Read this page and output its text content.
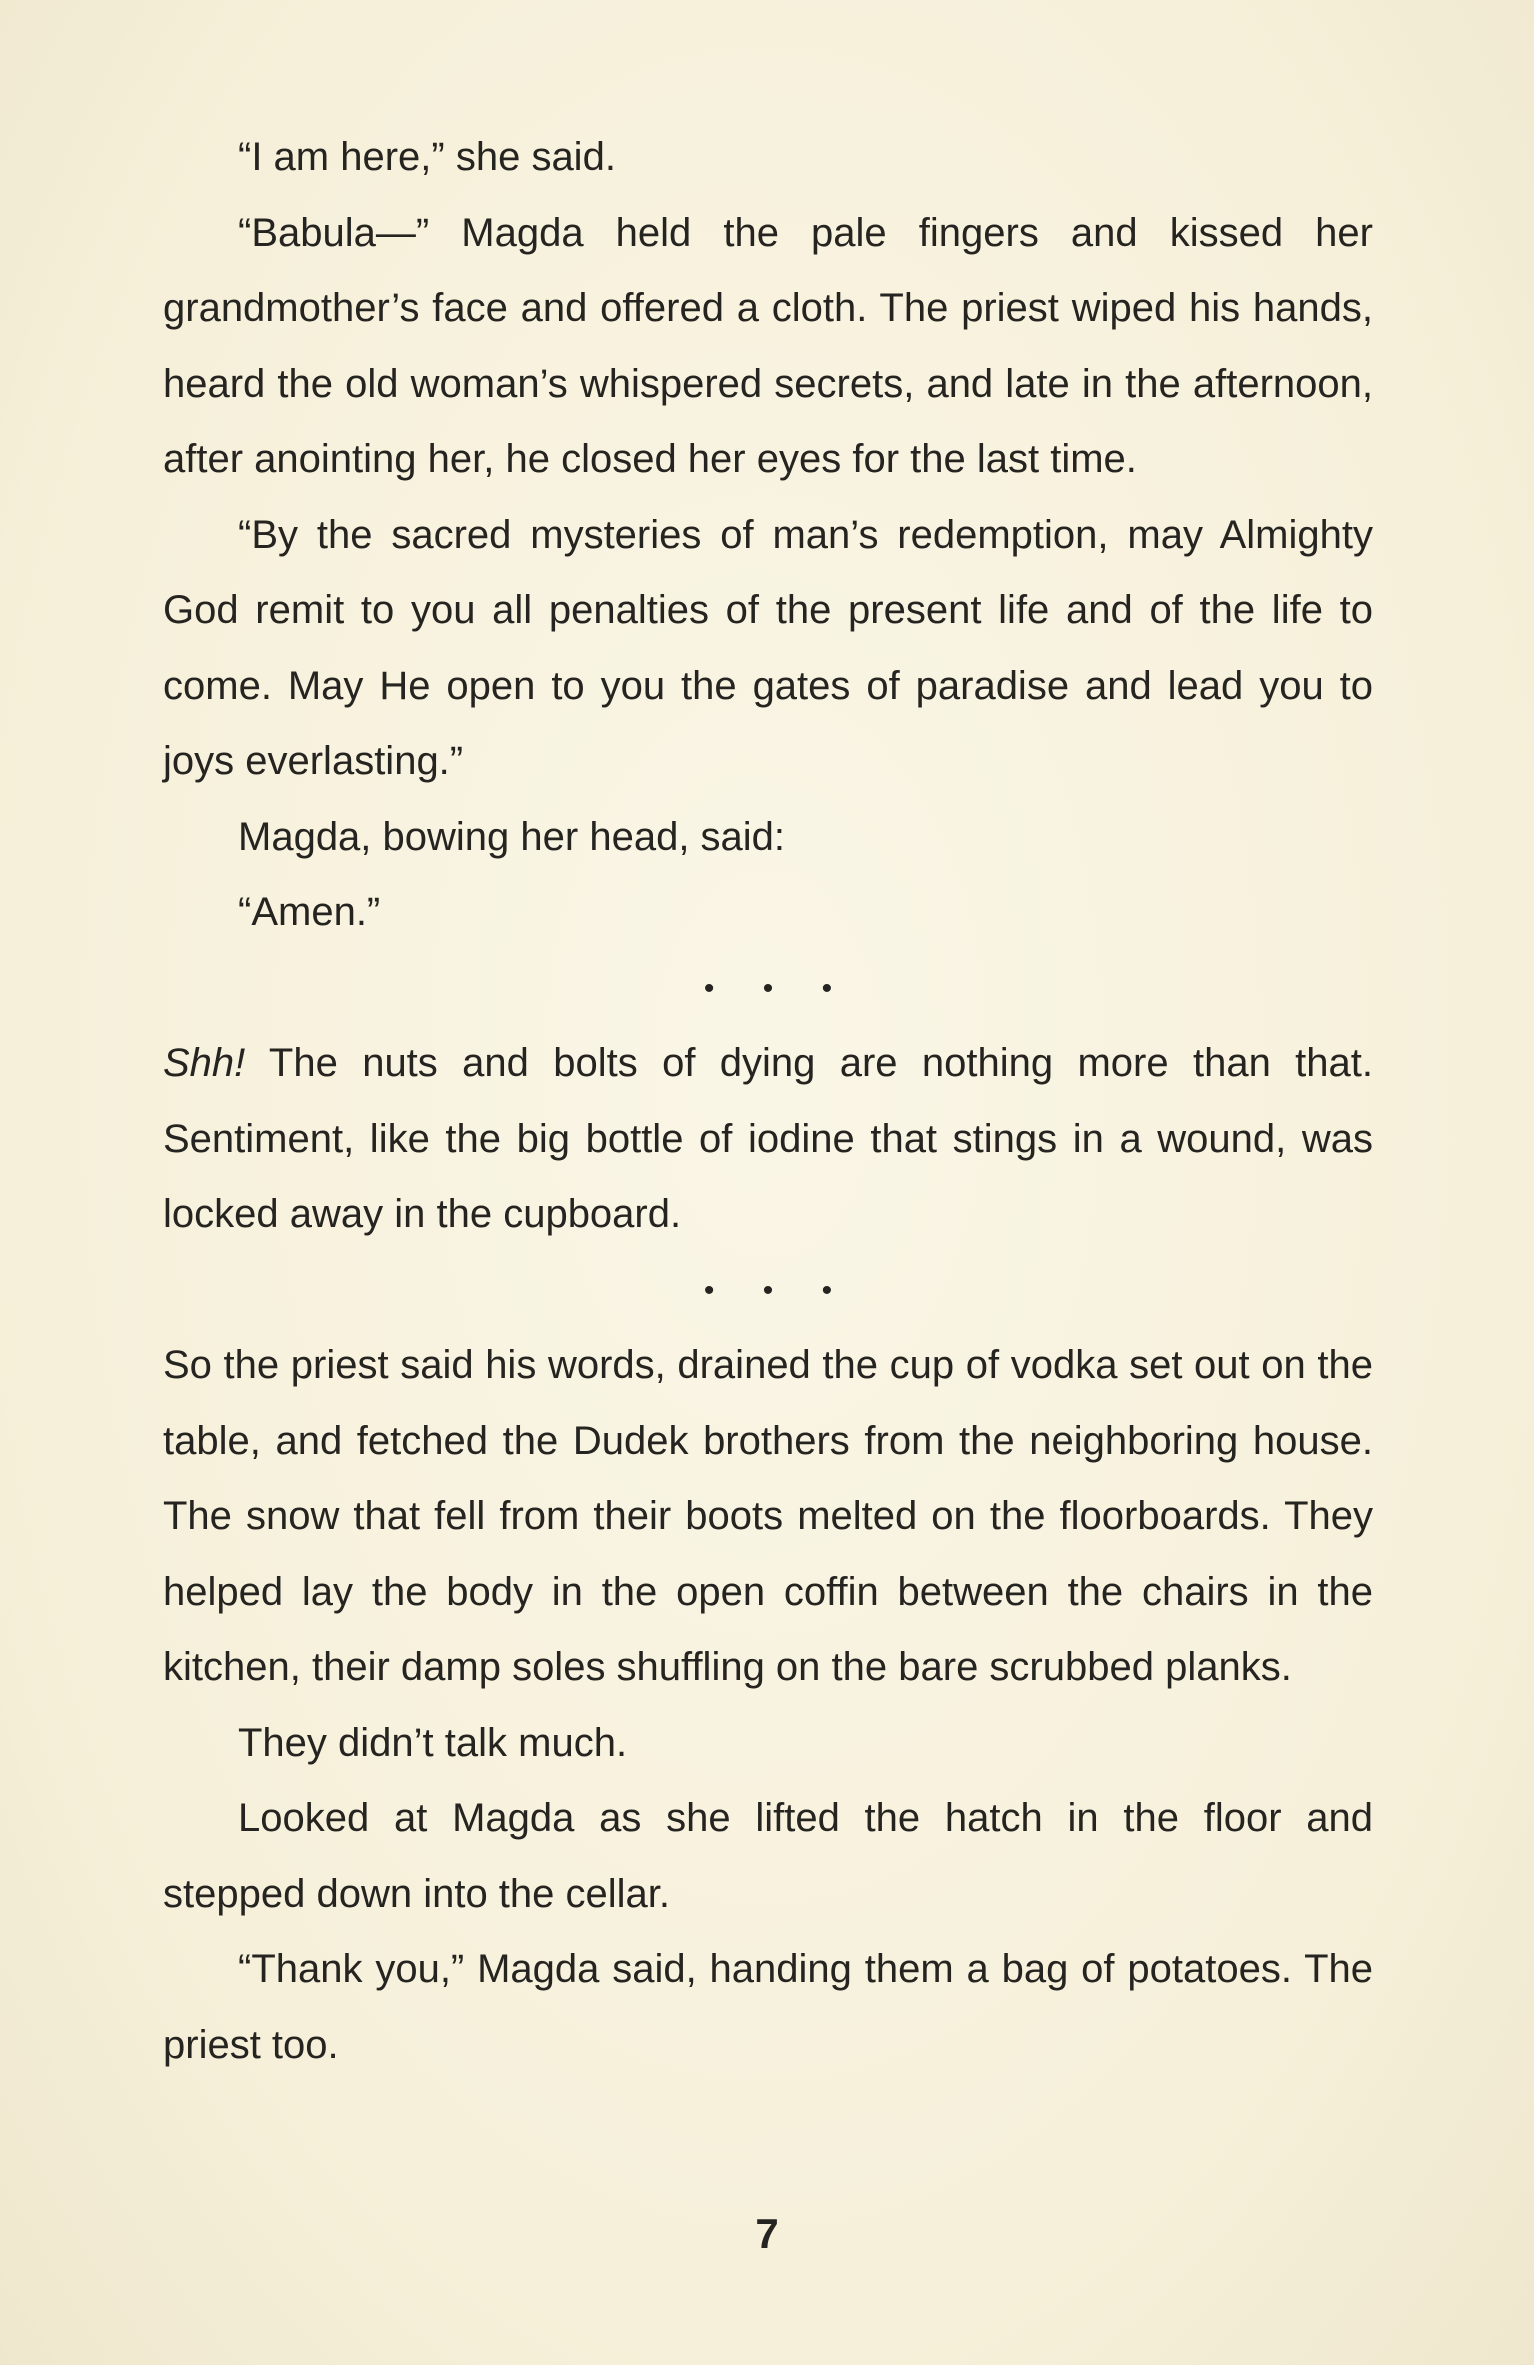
“I am here,” she said.

“Babula—” Magda held the pale fingers and kissed her grandmother’s face and offered a cloth. The priest wiped his hands, heard the old woman’s whispered secrets, and late in the afternoon, after anointing her, he closed her eyes for the last time.

“By the sacred mysteries of man’s redemption, may Almighty God remit to you all penalties of the present life and of the life to come. May He open to you the gates of paradise and lead you to joys everlasting.”

Magda, bowing her head, said:

“Amen.”

• • •

Shh! The nuts and bolts of dying are nothing more than that. Sentiment, like the big bottle of iodine that stings in a wound, was locked away in the cupboard.

• • •

So the priest said his words, drained the cup of vodka set out on the table, and fetched the Dudek brothers from the neighboring house. The snow that fell from their boots melted on the floorboards. They helped lay the body in the open coffin between the chairs in the kitchen, their damp soles shuffling on the bare scrubbed planks.

They didn’t talk much.

Looked at Magda as she lifted the hatch in the floor and stepped down into the cellar.

“Thank you,” Magda said, handing them a bag of potatoes. The priest too.

7
